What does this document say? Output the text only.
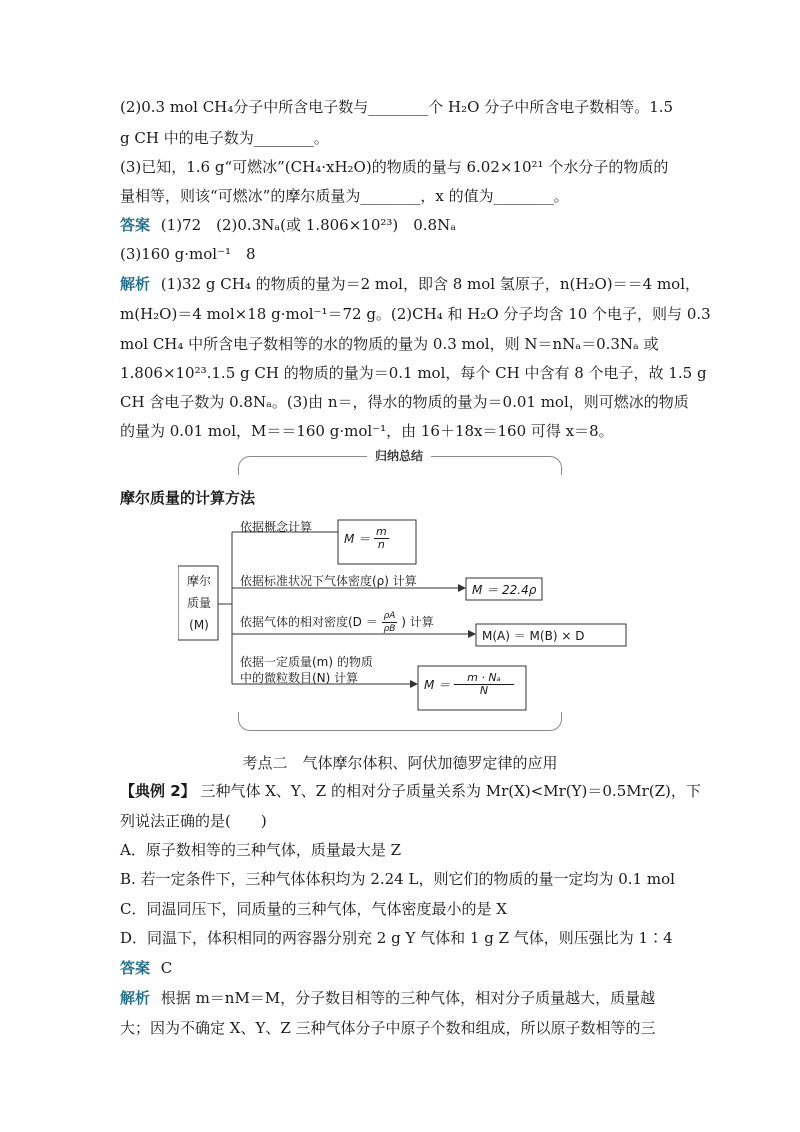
(2)0.3 mol CH₄分子中所含电子数与________个 H₂O 分子中所含电子数相等。1.5
g CH 中的电子数为________。
(3)已知，1.6 g“可燃冰”(CH₄·xH₂O)的物质的量与 6.02×10²¹ 个水分子的物质的
量相等，则该“可燃冰”的摩尔质量为________，x 的值为________。
答案 (1)72　(2)0.3Nₐ(或 1.806×10²³)　0.8Nₐ
(3)160 g·mol⁻¹　8
解析 (1)32 g CH₄ 的物质的量为＝2 mol，即含 8 mol 氢原子，n(H₂O)＝＝4 mol，
m(H₂O)＝4 mol×18 g·mol⁻¹＝72 g。(2)CH₄ 和 H₂O 分子均含 10 个电子，则与 0.3
mol CH₄ 中所含电子数相等的水的物质的量为 0.3 mol，则 N＝nNₐ＝0.3Nₐ 或
1.806×10²³.1.5 g CH 的物质的量为＝0.1 mol，每个 CH 中含有 8 个电子，故 1.5 g
CH 含电子数为 0.8Nₐ。(3)由 n＝，得水的物质的量为＝0.01 mol，则可燃冰的物质
的量为 0.01 mol，M＝＝160 g·mol⁻¹，由 16＋18x＝160 可得 x＝8。
归纳总结
摩尔质量的计算方法
摩尔
质量
(M)
依据概念计算
$M = \frac{m}{n}$
依据标准状况下气体密度(ρ) 计算
M ＝ 22.4ρ
依据气体的相对密度($D = \frac{\rho A}{\rho B}$ ) 计算
M(A) ＝ M(B) × D
依据一定质量(m) 的物质
中的微粒数目(N) 计算	$M = \frac{\text{m · Nₐ}}{N}$
考点二　气体摩尔体积、阿伏加德罗定律的应用
【典例 2】 三种气体 X、Y、Z 的相对分子质量关系为 Mr(X)<Mr(Y)＝0.5Mr(Z)，下
列说法正确的是(　　)
A．原子数相等的三种气体，质量最大是 Z
B. 若一定条件下，三种气体体积均为 2.24 L，则它们的物质的量一定均为 0.1 mol
C．同温同压下，同质量的三种气体，气体密度最小的是 X
D．同温下，体积相同的两容器分别充 2 g Y 气体和 1 g Z 气体，则压强比为 1∶4
答案 C
解析 根据 m＝nM＝M，分子数目相等的三种气体，相对分子质量越大，质量越
大；因为不确定 X、Y、Z 三种气体分子中原子个数和组成，所以原子数相等的三
